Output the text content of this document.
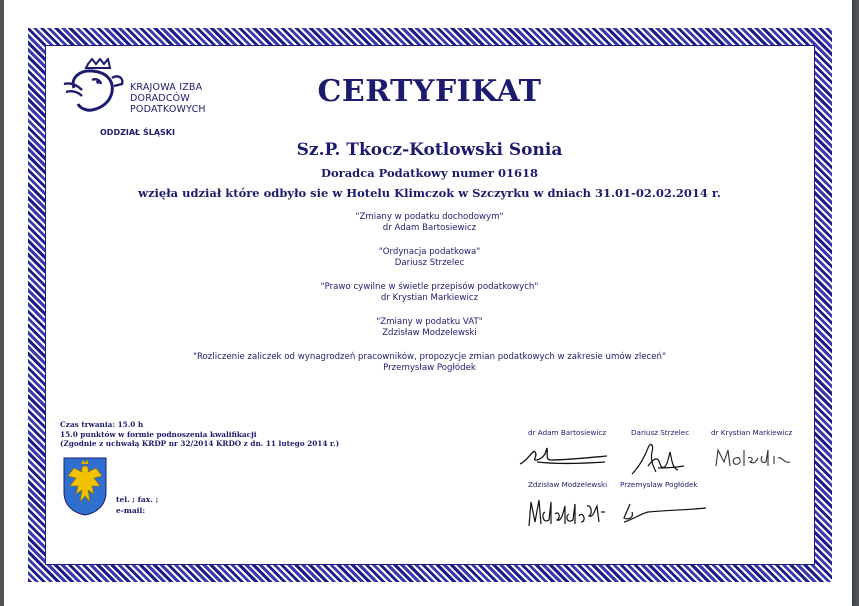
KRAJOWA IZBA
DORADCÓW
PODATKOWYCH
ODDZIAŁ ŚLĄSKI
CERTYFIKAT
Sz.P. Tkocz-Kotlowski Sonia
Doradca Podatkowy numer 01618
wzięła udział które odbyło sie w Hotelu Klimczok w Szczyrku w dniach 31.01-02.02.2014 r.
"Zmiany w podatku dochodowym"
dr Adam Bartosiewicz
"Ordynacja podatkowa"
Dariusz Strzelec
"Prawo cywilne w świetle przepisów podatkowych"
dr Krystian Markiewicz
"Zmiany w podatku VAT"
Zdzisław Modzelewski
"Rozliczenie zaliczek od wynagrodzeń pracowników, propozycje zmian podatkowych w zakresie umów zleceń"
Przemysław Pogłódek
Czas trwania: 15.0 h
15.0 punktów w formie podnoszenia kwalifikacji
(Zgodnie z uchwałą KRDP nr 32/2014 KRDO z dn. 11 lutego 2014 r.)
tel. ; fax. ;
e-mail:
dr Adam Bartosiewicz	Dariusz Strzelec	dr Krystian Markiewicz
Zdzisław Modzelewski Przemysław Pogłódek
